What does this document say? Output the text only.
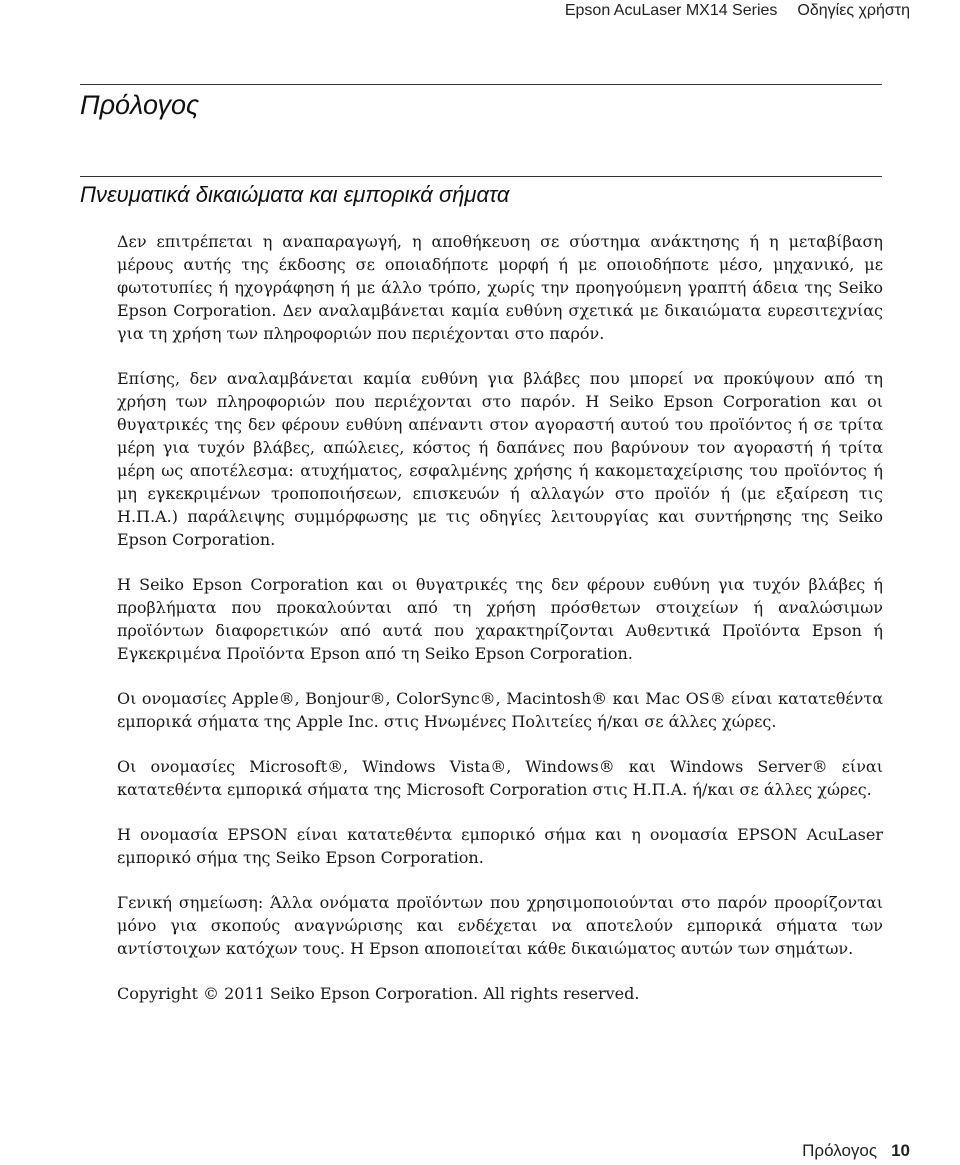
Epson AcuLaser MX14 Series Οδηγίες χρήστη
Πρόλογος
Πνευματικά δικαιώματα και εμπορικά σήματα

Δεν επιτρέπεται η αναπαραγωγή, η αποθήκευση σε σύστημα ανάκτησης ή η μεταβίβαση μέρους αυτής της έκδοσης σε οποιαδήποτε μορφή ή με οποιοδήποτε μέσο, μηχανικό, με φωτοτυπίες ή ηχογράφηση ή με άλλο τρόπο, χωρίς την προηγούμενη γραπτή άδεια της Seiko Epson Corporation. Δεν αναλαμβάνεται καμία ευθύνη σχετικά με δικαιώματα ευρεσιτεχνίας για τη χρήση των πληροφοριών που περιέχονται στο παρόν.

Επίσης, δεν αναλαμβάνεται καμία ευθύνη για βλάβες που μπορεί να προκύψουν από τη χρήση των πληροφοριών που περιέχονται στο παρόν. Η Seiko Epson Corporation και οι θυγατρικές της δεν φέρουν ευθύνη απέναντι στον αγοραστή αυτού του προϊόντος ή σε τρίτα μέρη για τυχόν βλάβες, απώλειες, κόστος ή δαπάνες που βαρύνουν τον αγοραστή ή τρίτα μέρη ως αποτέλεσμα: ατυχήματος, εσφαλμένης χρήσης ή κακομεταχείρισης του προϊόντος ή μη εγκεκριμένων τροποποιήσεων, επισκευών ή αλλαγών στο προϊόν ή (με εξαίρεση τις Η.Π.Α.) παράλειψης συμμόρφωσης με τις οδηγίες λειτουργίας και συντήρησης της Seiko Epson Corporation.

Η Seiko Epson Corporation και οι θυγατρικές της δεν φέρουν ευθύνη για τυχόν βλάβες ή προβλήματα που προκαλούνται από τη χρήση πρόσθετων στοιχείων ή αναλώσιμων προϊόντων διαφορετικών από αυτά που χαρακτηρίζονται Αυθεντικά Προϊόντα Epson ή Εγκεκριμένα Προϊόντα Epson από τη Seiko Epson Corporation.

Οι ονομασίες Apple®, Bonjour®, ColorSync®, Macintosh® και Mac OS® είναι κατατεθέντα εμπορικά σήματα της Apple Inc. στις Ηνωμένες Πολιτείες ή/και σε άλλες χώρες.

Οι ονομασίες Microsoft®, Windows Vista®, Windows® και Windows Server® είναι κατατεθέντα εμπορικά σήματα της Microsoft Corporation στις Η.Π.Α. ή/και σε άλλες χώρες.

Η ονομασία EPSON είναι κατατεθέντα εμπορικό σήμα και η ονομασία EPSON AcuLaser εμπορικό σήμα της Seiko Epson Corporation.

Γενική σημείωση: Άλλα ονόματα προϊόντων που χρησιμοποιούνται στο παρόν προορίζονται μόνο για σκοπούς αναγνώρισης και ενδέχεται να αποτελούν εμπορικά σήματα των αντίστοιχων κατόχων τους. Η Epson αποποιείται κάθε δικαιώματος αυτών των σημάτων.

Copyright © 2011 Seiko Epson Corporation. All rights reserved.

Πρόλογος 10
